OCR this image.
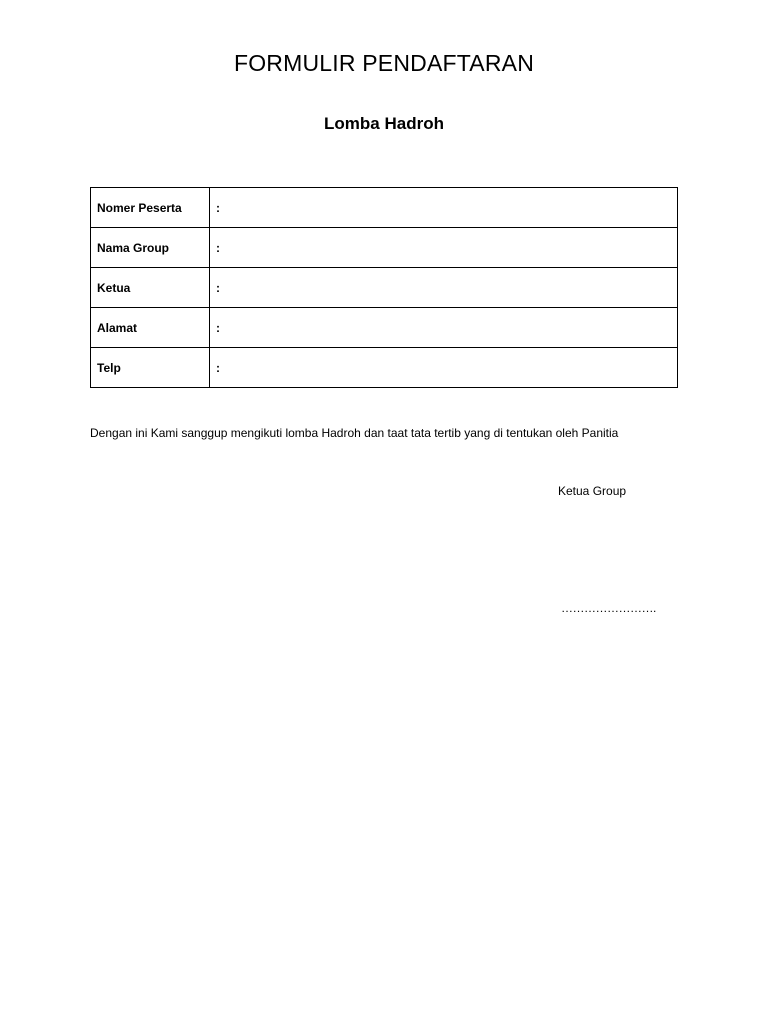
FORMULIR PENDAFTARAN
Lomba Hadroh
Nomer Peserta	:
Nama Group	:
Ketua	:
Alamat	:
Telp	:

Dengan ini Kami sanggup mengikuti lomba Hadroh dan taat tata tertib yang di tentukan oleh Panitia

Ketua Group

…………………….
